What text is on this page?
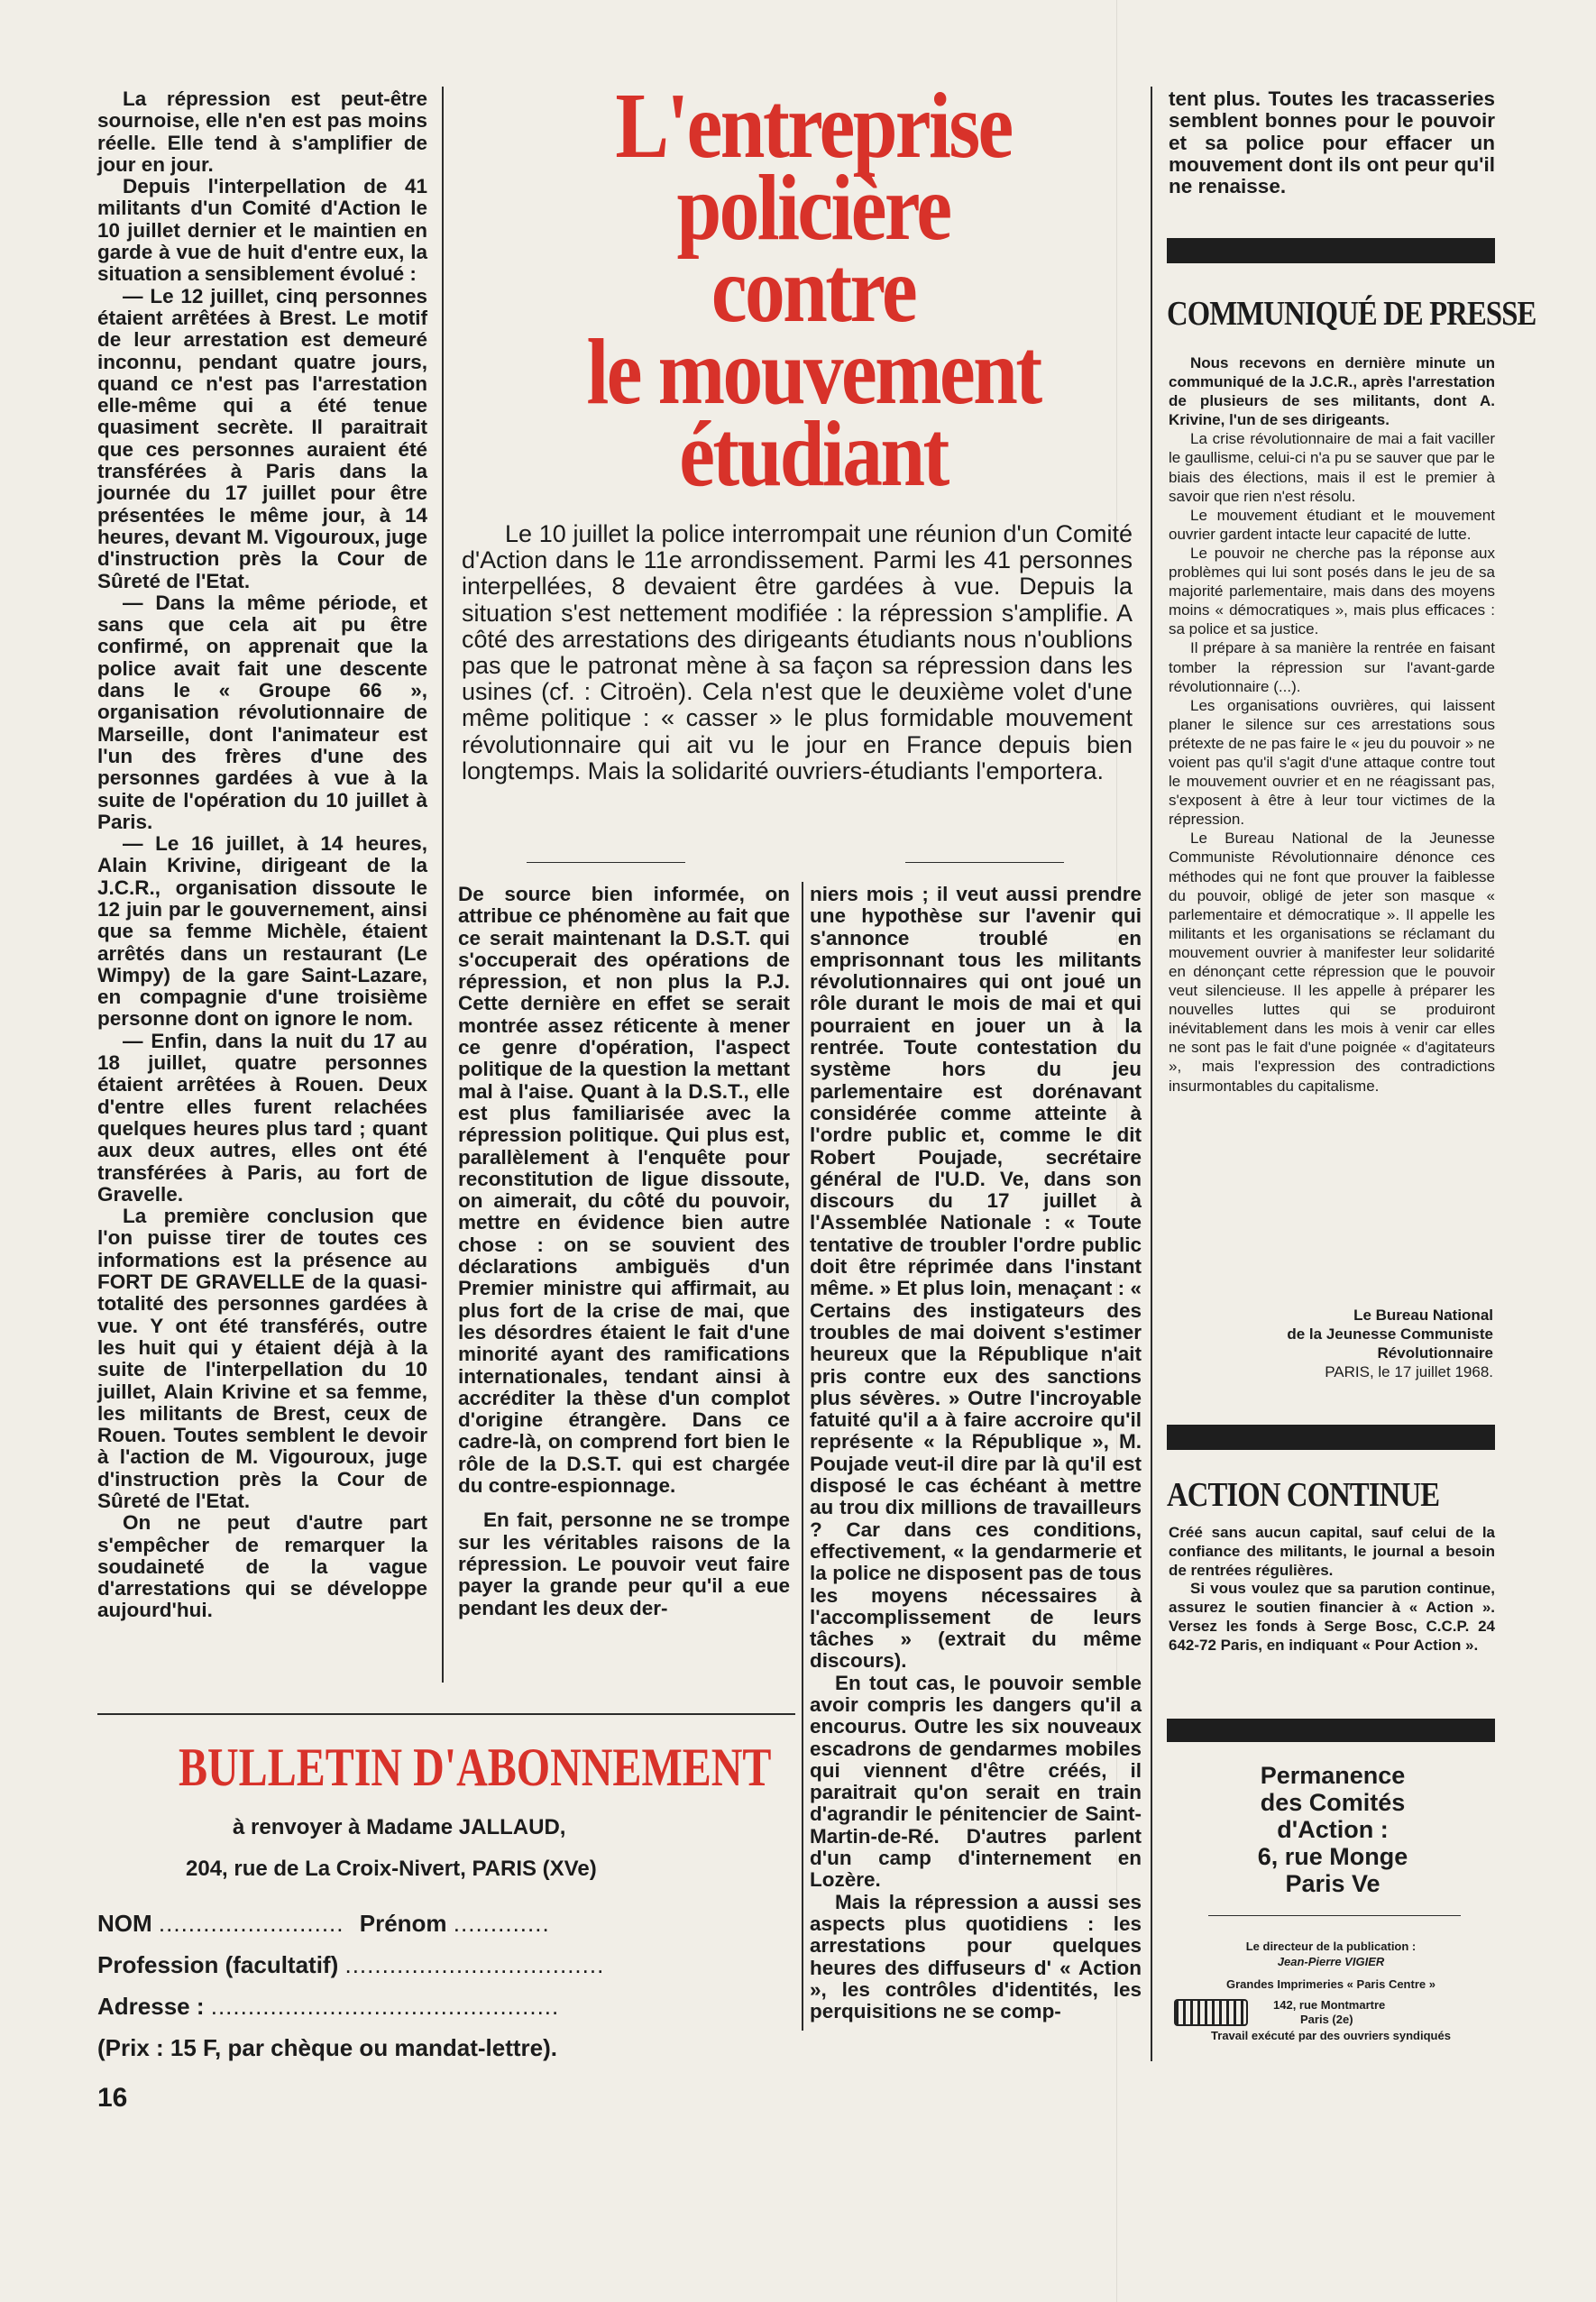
La répression est peut-être sournoise, elle n'en est pas moins réelle. Elle tend à s'amplifier de jour en jour.

Depuis l'interpellation de 41 militants d'un Comité d'Action le 10 juillet dernier et le maintien en garde à vue de huit d'entre eux, la situation a sensiblement évolué :

— Le 12 juillet, cinq personnes étaient arrêtées à Brest. Le motif de leur arrestation est demeuré inconnu, pendant quatre jours, quand ce n'est pas l'arrestation elle-même qui a été tenue quasiment secrète. Il paraitrait que ces personnes auraient été transférées à Paris dans la journée du 17 juillet pour être présentées le même jour, à 14 heures, devant M. Vigouroux, juge d'instruction près la Cour de Sûreté de l'Etat.

— Dans la même période, et sans que cela ait pu être confirmé, on apprenait que la police avait fait une descente dans le « Groupe 66 », organisation révolutionnaire de Marseille, dont l'animateur est l'un des frères d'une des personnes gardées à vue à la suite de l'opération du 10 juillet à Paris.

— Le 16 juillet, à 14 heures, Alain Krivine, dirigeant de la J.C.R., organisation dissoute le 12 juin par le gouvernement, ainsi que sa femme Michèle, étaient arrêtés dans un restaurant (Le Wimpy) de la gare Saint-Lazare, en compagnie d'une troisième personne dont on ignore le nom.

— Enfin, dans la nuit du 17 au 18 juillet, quatre personnes étaient arrêtées à Rouen. Deux d'entre elles furent relachées quelques heures plus tard ; quant aux deux autres, elles ont été transférées à Paris, au fort de Gravelle.

La première conclusion que l'on puisse tirer de toutes ces informations est la présence au FORT DE GRAVELLE de la quasi-totalité des personnes gardées à vue. Y ont été transférés, outre les huit qui y étaient déjà à la suite de l'interpellation du 10 juillet, Alain Krivine et sa femme, les militants de Brest, ceux de Rouen. Toutes semblent le devoir à l'action de M. Vigouroux, juge d'instruction près la Cour de Sûreté de l'Etat.

On ne peut d'autre part s'empêcher de remarquer la soudaineté de la vague d'arrestations qui se développe aujourd'hui.

L'entreprise
policière
contre
le mouvement
étudiant

Le 10 juillet la police interrompait une réunion d'un Comité d'Action dans le 11e arrondissement. Parmi les 41 personnes interpellées, 8 devaient être gardées à vue. Depuis la situation s'est nettement modifiée : la répression s'amplifie. A côté des arrestations des dirigeants étudiants nous n'oublions pas que le patronat mène à sa façon sa répression dans les usines (cf. : Citroën). Cela n'est que le deuxième volet d'une même politique : « casser » le plus formidable mouvement révolutionnaire qui ait vu le jour en France depuis bien longtemps. Mais la solidarité ouvriers-étudiants l'emportera.

De source bien informée, on attribue ce phénomène au fait que ce serait maintenant la D.S.T. qui s'occuperait des opérations de répression, et non plus la P.J. Cette dernière en effet se serait montrée assez réticente à mener ce genre d'opération, l'aspect politique de la question la mettant mal à l'aise. Quant à la D.S.T., elle est plus familiarisée avec la répression politique. Qui plus est, parallèlement à l'enquête pour reconstitution de ligue dissoute, on aimerait, du côté du pouvoir, mettre en évidence bien autre chose : on se souvient des déclarations ambiguës d'un Premier ministre qui affirmait, au plus fort de la crise de mai, que les désordres étaient le fait d'une minorité ayant des ramifications internationales, tendant ainsi à accréditer la thèse d'un complot d'origine étrangère. Dans ce cadre-là, on comprend fort bien le rôle de la D.S.T. qui est chargée du contre-espionnage.

En fait, personne ne se trompe sur les véritables raisons de la répression. Le pouvoir veut faire payer la grande peur qu'il a eue pendant les deux der-

niers mois ; il veut aussi prendre une hypothèse sur l'avenir qui s'annonce troublé en emprisonnant tous les militants révolutionnaires qui ont joué un rôle durant le mois de mai et qui pourraient en jouer un à la rentrée. Toute contestation du système hors du jeu parlementaire est dorénavant considérée comme atteinte à l'ordre public et, comme le dit Robert Poujade, secrétaire général de l'U.D. Ve, dans son discours du 17 juillet à l'Assemblée Nationale : « Toute tentative de troubler l'ordre public doit être réprimée dans l'instant même. » Et plus loin, menaçant : « Certains des instigateurs des troubles de mai doivent s'estimer heureux que la République n'ait pris contre eux des sanctions plus sévères. » Outre l'incroyable fatuité qu'il a à faire accroire qu'il représente « la République », M. Poujade veut-il dire par là qu'il est disposé le cas échéant à mettre au trou dix millions de travailleurs ? Car dans ces conditions, effectivement, « la gendarmerie et la police ne disposent pas de tous les moyens nécessaires à l'accomplissement de leurs tâches » (extrait du même discours).

En tout cas, le pouvoir semble avoir compris les dangers qu'il a encourus. Outre les six nouveaux escadrons de gendarmes mobiles qui viennent d'être créés, il paraitrait qu'on serait en train d'agrandir le pénitencier de Saint-Martin-de-Ré. D'autres parlent d'un camp d'internement en Lozère.

Mais la répression a aussi ses aspects plus quotidiens : les arrestations pour quelques heures des diffuseurs d' « Action », les contrôles d'identités, les perquisitions ne se comp-

tent plus. Toutes les tracasseries semblent bonnes pour le pouvoir et sa police pour effacer un mouvement dont ils ont peur qu'il ne renaisse.

COMMUNIQUÉ DE PRESSE

Nous recevons en dernière minute un communiqué de la J.C.R., après l'arrestation de plusieurs de ses militants, dont A. Krivine, l'un de ses dirigeants.

La crise révolutionnaire de mai a fait vaciller le gaullisme, celui-ci n'a pu se sauver que par le biais des élections, mais il est le premier à savoir que rien n'est résolu.

Le mouvement étudiant et le mouvement ouvrier gardent intacte leur capacité de lutte.

Le pouvoir ne cherche pas la réponse aux problèmes qui lui sont posés dans le jeu de sa majorité parlementaire, mais dans des moyens moins « démocratiques », mais plus efficaces : sa police et sa justice.

Il prépare à sa manière la rentrée en faisant tomber la répression sur l'avant-garde révolutionnaire (...).

Les organisations ouvrières, qui laissent planer le silence sur ces arrestations sous prétexte de ne pas faire le « jeu du pouvoir » ne voient pas qu'il s'agit d'une attaque contre tout le mouvement ouvrier et en ne réagissant pas, s'exposent à être à leur tour victimes de la répression.

Le Bureau National de la Jeunesse Communiste Révolutionnaire dénonce ces méthodes qui ne font que prouver la faiblesse du pouvoir, obligé de jeter son masque « parlementaire et démocratique ». Il appelle les militants et les organisations se réclamant du mouvement ouvrier à manifester leur solidarité en dénonçant cette répression que le pouvoir veut silencieuse. Il les appelle à préparer les nouvelles luttes qui se produiront inévitablement dans les mois à venir car elles ne sont pas le fait d'une poignée « d'agitateurs », mais l'expression des contradictions insurmontables du capitalisme.

Le Bureau National
de la Jeunesse Communiste
Révolutionnaire
PARIS, le 17 juillet 1968.
ACTION CONTINUE

Créé sans aucun capital, sauf celui de la confiance des militants, le journal a besoin de rentrées régulières.

Si vous voulez que sa parution continue, assurez le soutien financier à « Action ». Versez les fonds à Serge Bosc, C.C.P. 24 642-72 Paris, en indiquant « Pour Action ».

Permanence
des Comités
d'Action :
6, rue Monge
Paris Ve
Le directeur de la publication :
Jean-Pierre VIGIER
Grandes Imprimeries « Paris Centre »
142, rue Montmartre
Paris (2e)
Travail exécuté par des ouvriers syndiqués
BULLETIN D'ABONNEMENT
à renvoyer à Madame JALLAUD,
204, rue de La Croix-Nivert, PARIS (XVe)
NOM ......................... Prénom .............
Profession (facultatif) ...................................
Adresse : ...............................................
(Prix : 15 F, par chèque ou mandat-lettre).
16
